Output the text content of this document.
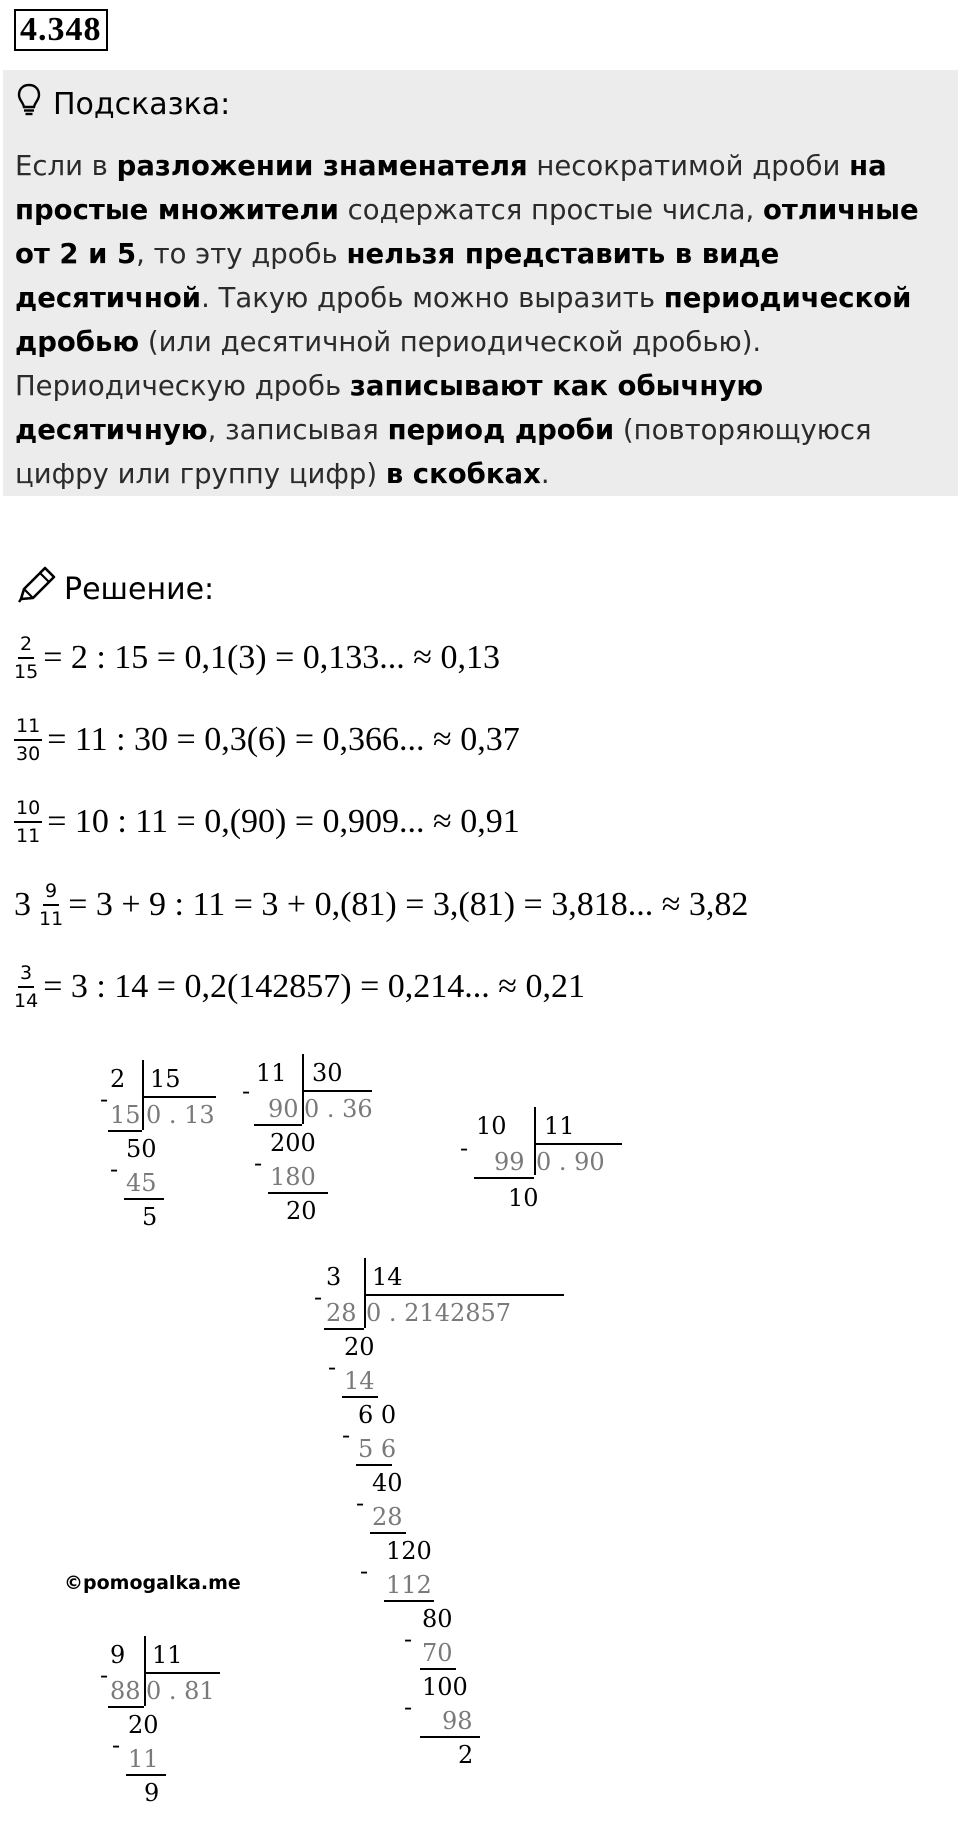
4.348
Подсказка:
Если в разложении знаменателя несократимой дроби на простые множители содержатся простые числа, отличные от 2 и 5, то эту дробь нельзя представить в виде десятичной. Такую дробь можно выразить периодической дробью (или десятичной периодической дробью). Периодическую дробь записывают как обычную десятичную, записывая период дроби (повторяющуюся цифру или группу цифр) в скобках.
Решение:
$\frac{2}{15} = 2$ : 15 = 0,1(3) = 0,133... ≈ 0,13
$\frac{11}{30} = 11$ : 30 = 0,3(6) = 0,366... ≈ 0,37
$\frac{10}{11} = 10$ : 11 = 0,(90) = 0,909... ≈ 0,91
$3 \frac{9}{11} = 3 + 9$ : 11 = 3 + 0,(81) = 3,(81) = 3,818... ≈ 3,82
$\frac{3}{14} = 3$ : 14 = 0,2(142857) = 0,214... ≈ 0,21
2 15
-
15 0 . 13
50
- 45
5
11 30
-
90 0 . 36
200
- 180
20
10 11
- 99 0 . 90
10
3 14
-
28 0 . 2142857
20
- 14
6 0
- 5 6
40
- 28
120
- 112
80
- 70
100
- 98
2
9 11
-
88 0 . 81
20
- 11
9
©pomogalka.me
